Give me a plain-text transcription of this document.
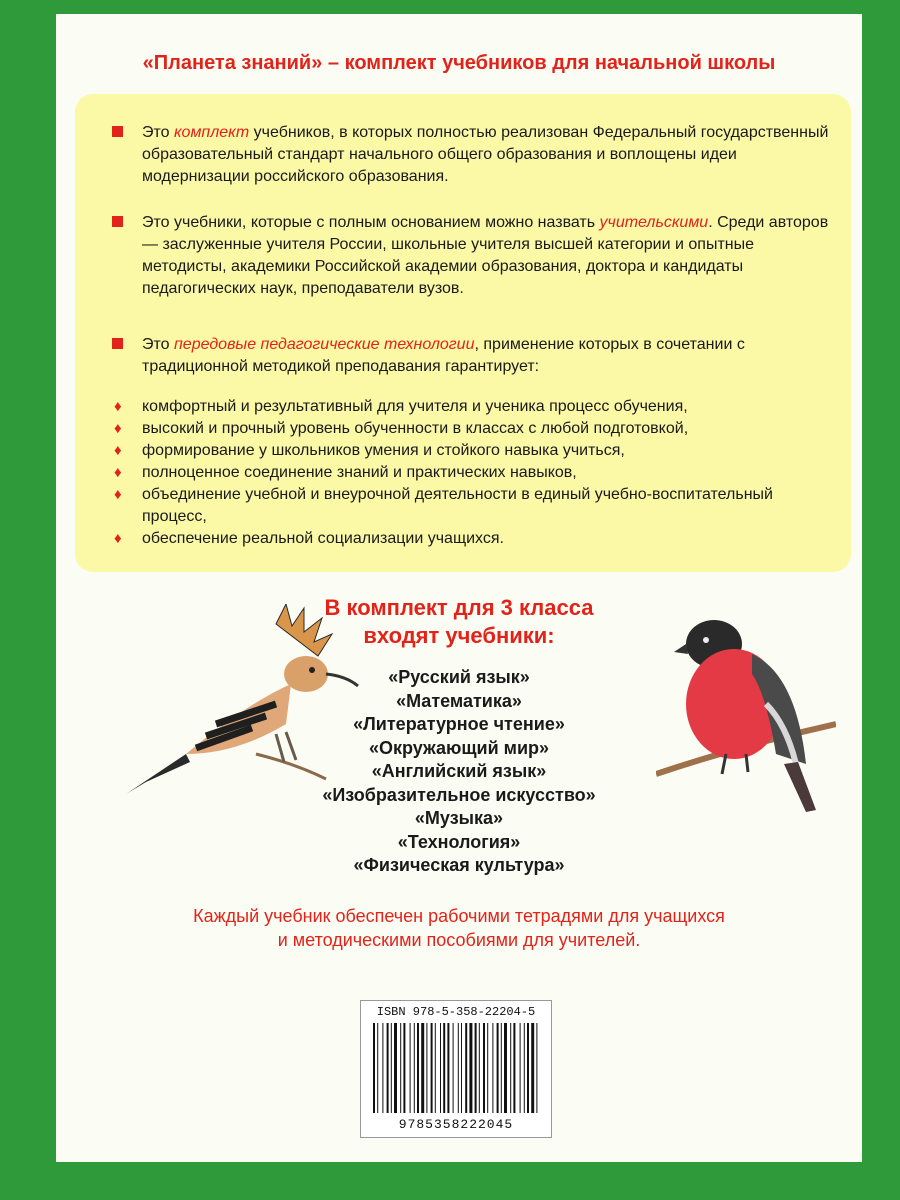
«Планета знаний» – комплект учебников для начальной школы
Это комплект учебников, в которых полностью реализован Федеральный государственный образовательный стандарт начального общего образования и воплощены идеи модернизации российского образования.
Это учебники, которые с полным основанием можно назвать учительскими. Среди авторов — заслуженные учителя России, школьные учителя высшей категории и опытные методисты, академики Российской академии образования, доктора и кандидаты педагогических наук, преподаватели вузов.
Это передовые педагогические технологии, применение которых в сочетании с традиционной методикой преподавания гарантирует:
♦ комфортный и результативный для учителя и ученика процесс обучения,
♦ высокий и прочный уровень обученности в классах с любой подготовкой,
♦ формирование у школьников умения и стойкого навыка учиться,
♦ полноценное соединение знаний и практических навыков,
♦ объединение учебной и внеурочной деятельности в единый учебно-воспитательный процесс,
♦ обеспечение реальной социализации учащихся.
В комплект для 3 класса
входят учебники:
«Русский язык»
«Математика»
«Литературное чтение»
«Окружающий мир»
«Английский язык»
«Изобразительное искусство»
«Музыка»
«Технология»
«Физическая культура»
Каждый учебник обеспечен рабочими тетрадями для учащихся
и методическими пособиями для учителей.
ISBN 978-5-358-22204-5
9785358222045
